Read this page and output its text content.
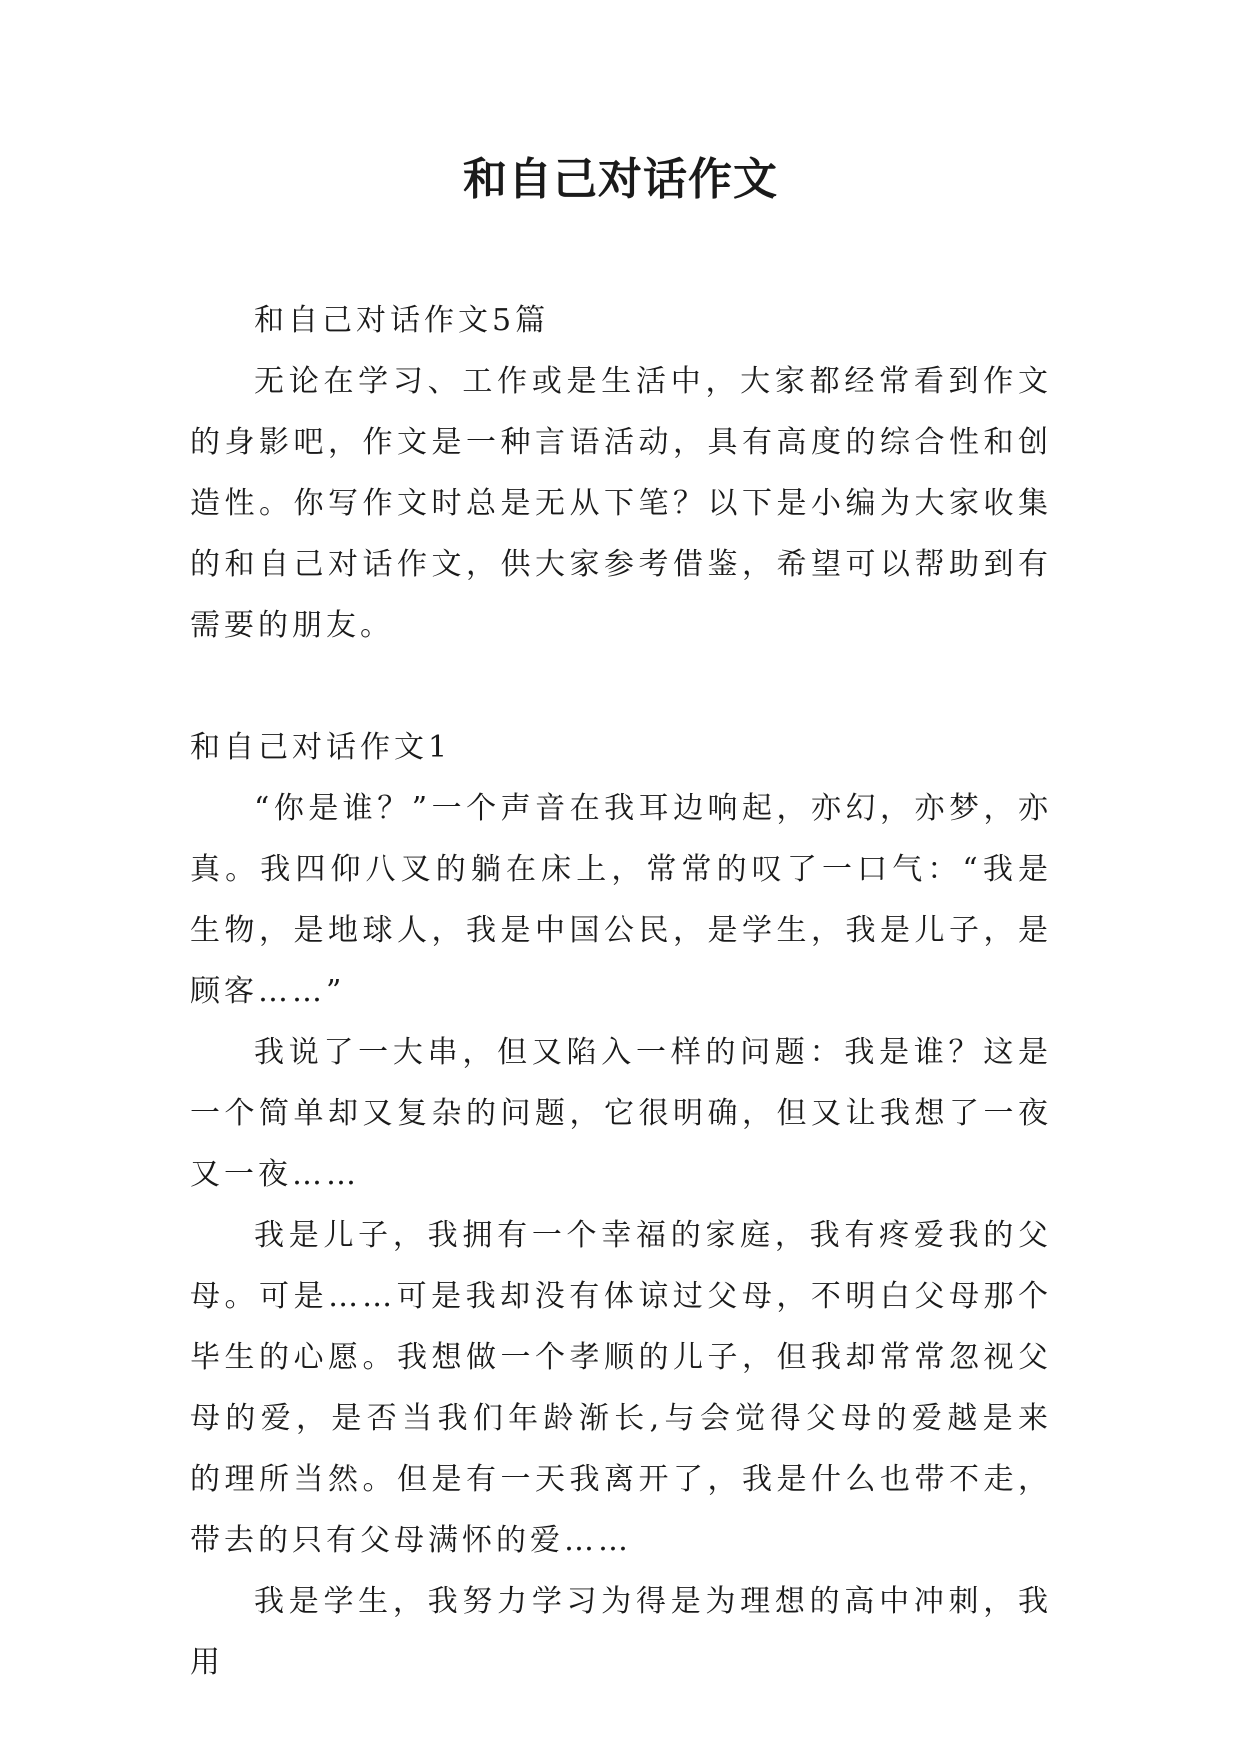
和自己对话作文

和自己对话作文5篇

无论在学习、工作或是生活中，大家都经常看到作文的身影吧，作文是一种言语活动，具有高度的综合性和创造性。你写作文时总是无从下笔？以下是小编为大家收集的和自己对话作文，供大家参考借鉴，希望可以帮助到有需要的朋友。

和自己对话作文1

“你是谁？”一个声音在我耳边响起，亦幻，亦梦，亦真。我四仰八叉的躺在床上，常常的叹了一口气：“我是生物，是地球人，我是中国公民，是学生，我是儿子，是顾客……”

我说了一大串，但又陷入一样的问题：我是谁？这是一个简单却又复杂的问题，它很明确，但又让我想了一夜又一夜……

我是儿子，我拥有一个幸福的家庭，我有疼爱我的父母。可是……可是我却没有体谅过父母，不明白父母那个毕生的心愿。我想做一个孝顺的儿子，但我却常常忽视父母的爱，是否当我们年龄渐长,与会觉得父母的爱越是来的理所当然。但是有一天我离开了，我是什么也带不走，带去的只有父母满怀的爱……

我是学生，我努力学习为得是为理想的高中冲刺，我用
